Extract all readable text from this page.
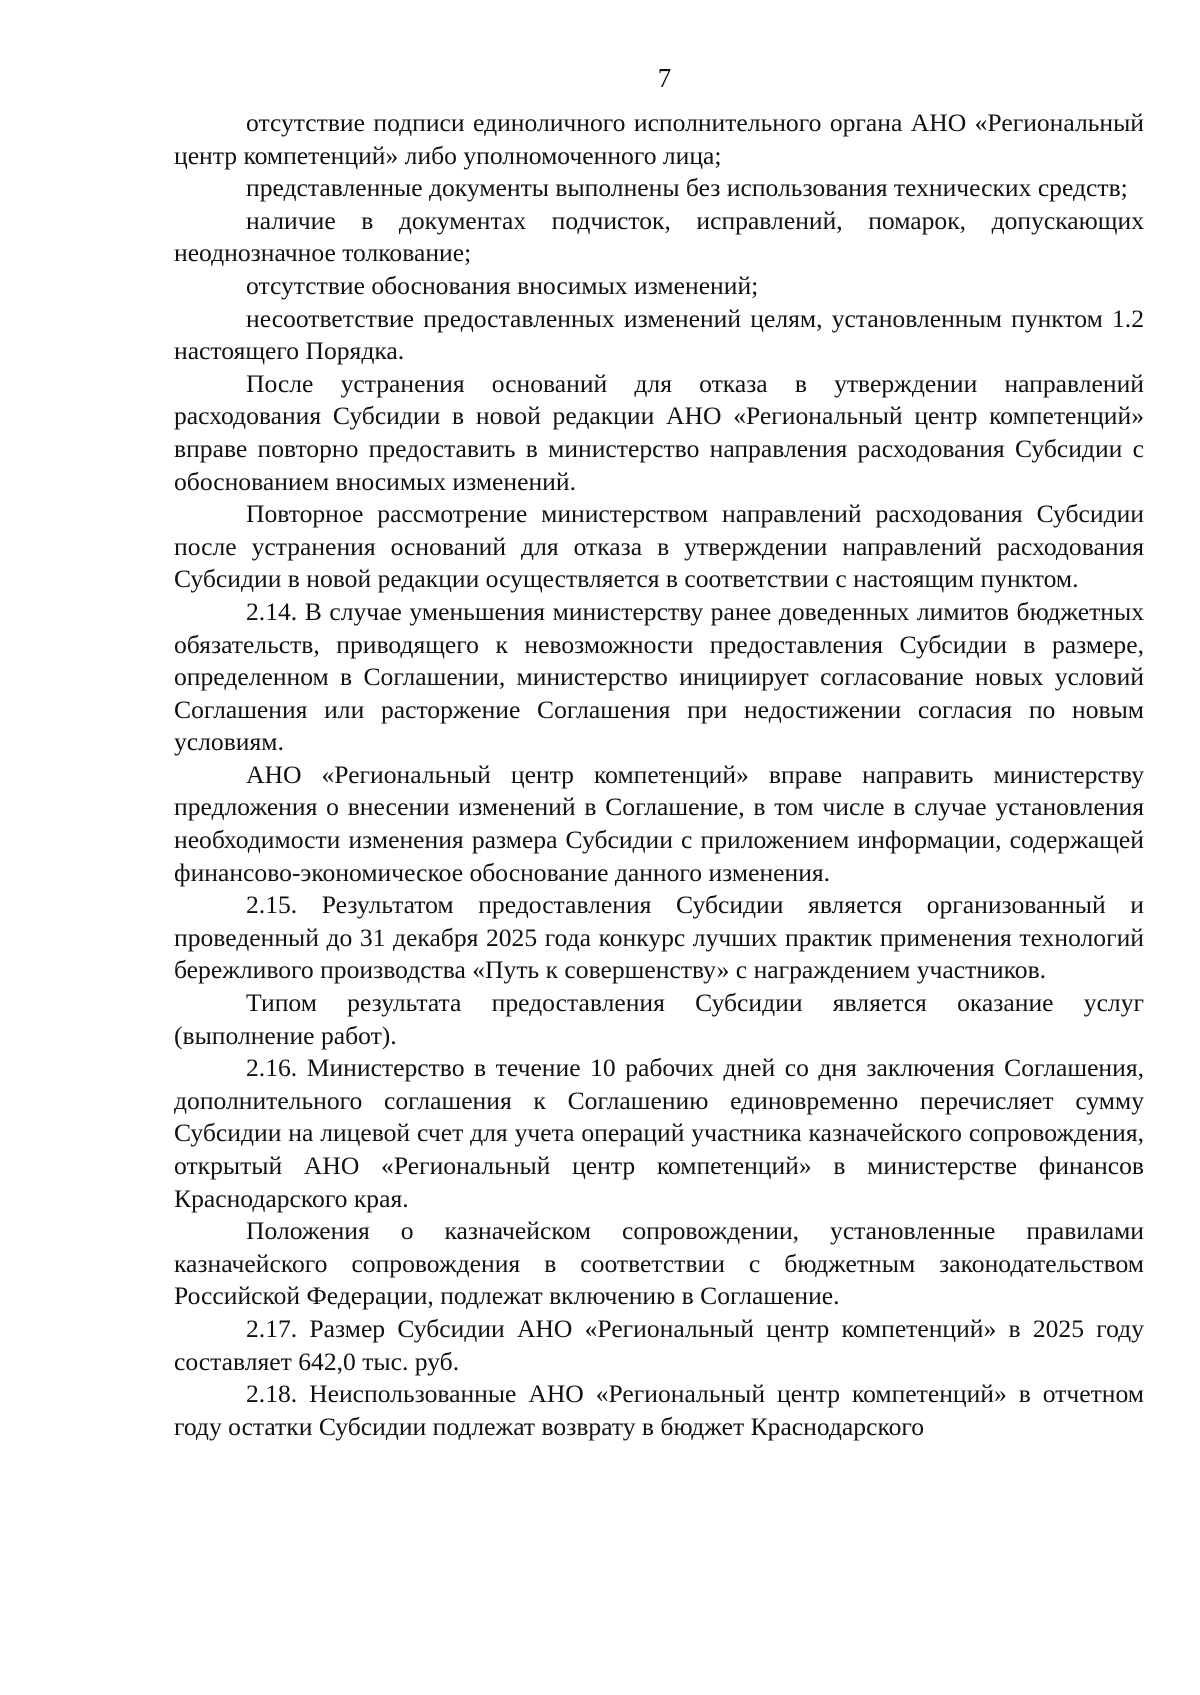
7

отсутствие подписи единоличного исполнительного органа АНО «Региональный центр компетенций» либо уполномоченного лица;

представленные документы выполнены без использования технических средств;

наличие в документах подчисток, исправлений, помарок, допускающих неоднозначное толкование;

отсутствие обоснования вносимых изменений;

несоответствие предоставленных изменений целям, установленным пунктом 1.2 настоящего Порядка.

После устранения оснований для отказа в утверждении направлений расходования Субсидии в новой редакции АНО «Региональный центр компетенций» вправе повторно предоставить в министерство направления расходования Субсидии с обоснованием вносимых изменений.

Повторное рассмотрение министерством направлений расходования Субсидии после устранения оснований для отказа в утверждении направлений расходования Субсидии в новой редакции осуществляется в соответствии с настоящим пунктом.

2.14. В случае уменьшения министерству ранее доведенных лимитов бюджетных обязательств, приводящего к невозможности предоставления Субсидии в размере, определенном в Соглашении, министерство инициирует согласование новых условий Соглашения или расторжение Соглашения при недостижении согласия по новым условиям.

АНО «Региональный центр компетенций» вправе направить министерству предложения о внесении изменений в Соглашение, в том числе в случае установления необходимости изменения размера Субсидии с приложением информации, содержащей финансово-экономическое обоснование данного изменения.

2.15. Результатом предоставления Субсидии является организованный и проведенный до 31 декабря 2025 года конкурс лучших практик применения технологий бережливого производства «Путь к совершенству» с награждением участников.

Типом результата предоставления Субсидии является оказание услуг (выполнение работ).

2.16. Министерство в течение 10 рабочих дней со дня заключения Соглашения, дополнительного соглашения к Соглашению единовременно перечисляет сумму Субсидии на лицевой счет для учета операций участника казначейского сопровождения, открытый АНО «Региональный центр компетенций» в министерстве финансов Краснодарского края.

Положения о казначейском сопровождении, установленные правилами казначейского сопровождения в соответствии с бюджетным законодательством Российской Федерации, подлежат включению в Соглашение.

2.17. Размер Субсидии АНО «Региональный центр компетенций» в 2025 году составляет 642,0 тыс. руб.

2.18. Неиспользованные АНО «Региональный центр компетенций» в отчетном году остатки Субсидии подлежат возврату в бюджет Краснодарского
